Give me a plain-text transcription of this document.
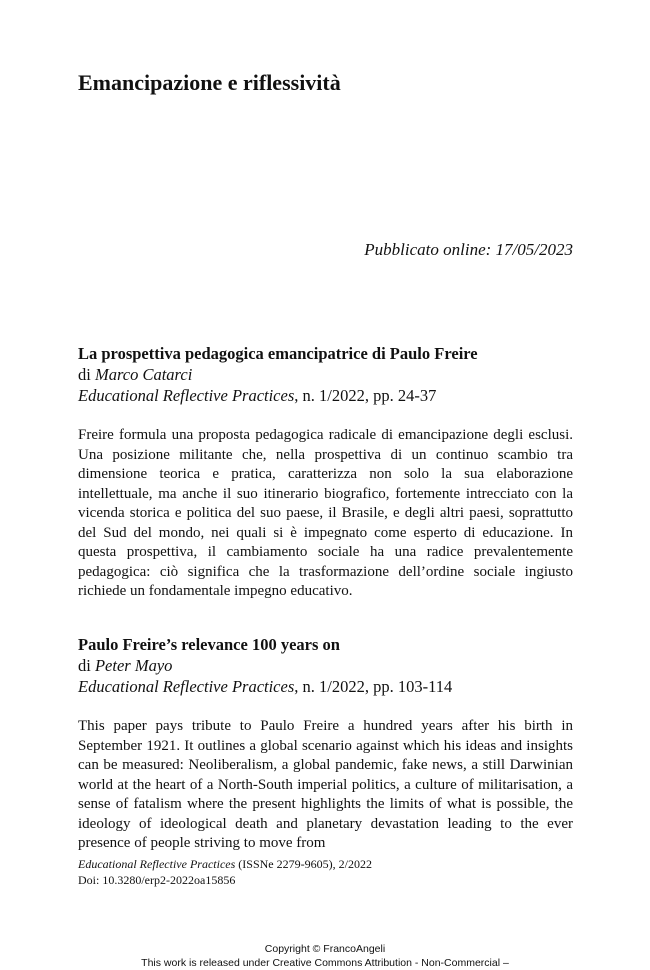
Emancipazione e riflessività
Pubblicato online: 17/05/2023
La prospettiva pedagogica emancipatrice di Paulo Freire
di Marco Catarci
Educational Reflective Practices, n. 1/2022, pp. 24-37
Freire formula una proposta pedagogica radicale di emancipazione degli esclusi. Una posizione militante che, nella prospettiva di un continuo scambio tra dimensione teorica e pratica, caratterizza non solo la sua elaborazione intellettuale, ma anche il suo itinerario biografico, fortemente intrecciato con la vicenda storica e politica del suo paese, il Brasile, e degli altri paesi, soprattutto del Sud del mondo, nei quali si è impegnato come esperto di educazione. In questa prospettiva, il cambiamento sociale ha una radice prevalentemente pedagogica: ciò significa che la trasformazione dell’ordine sociale ingiusto richiede un fondamentale impegno educativo.
Paulo Freire’s relevance 100 years on
di Peter Mayo
Educational Reflective Practices, n. 1/2022, pp. 103-114
This paper pays tribute to Paulo Freire a hundred years after his birth in September 1921. It outlines a global scenario against which his ideas and insights can be measured: Neoliberalism, a global pandemic, fake news, a still Darwinian world at the heart of a North-South imperial politics, a culture of militarisation, a sense of fatalism where the present highlights the limits of what is possible, the ideology of ideological death and planetary devastation leading to the ever presence of people striving to move from
Educational Reflective Practices (ISSNe 2279-9605), 2/2022
Doi: 10.3280/erp2-2022oa15856
Copyright © FrancoAngeli
This work is released under Creative Commons Attribution - Non-Commercial –
